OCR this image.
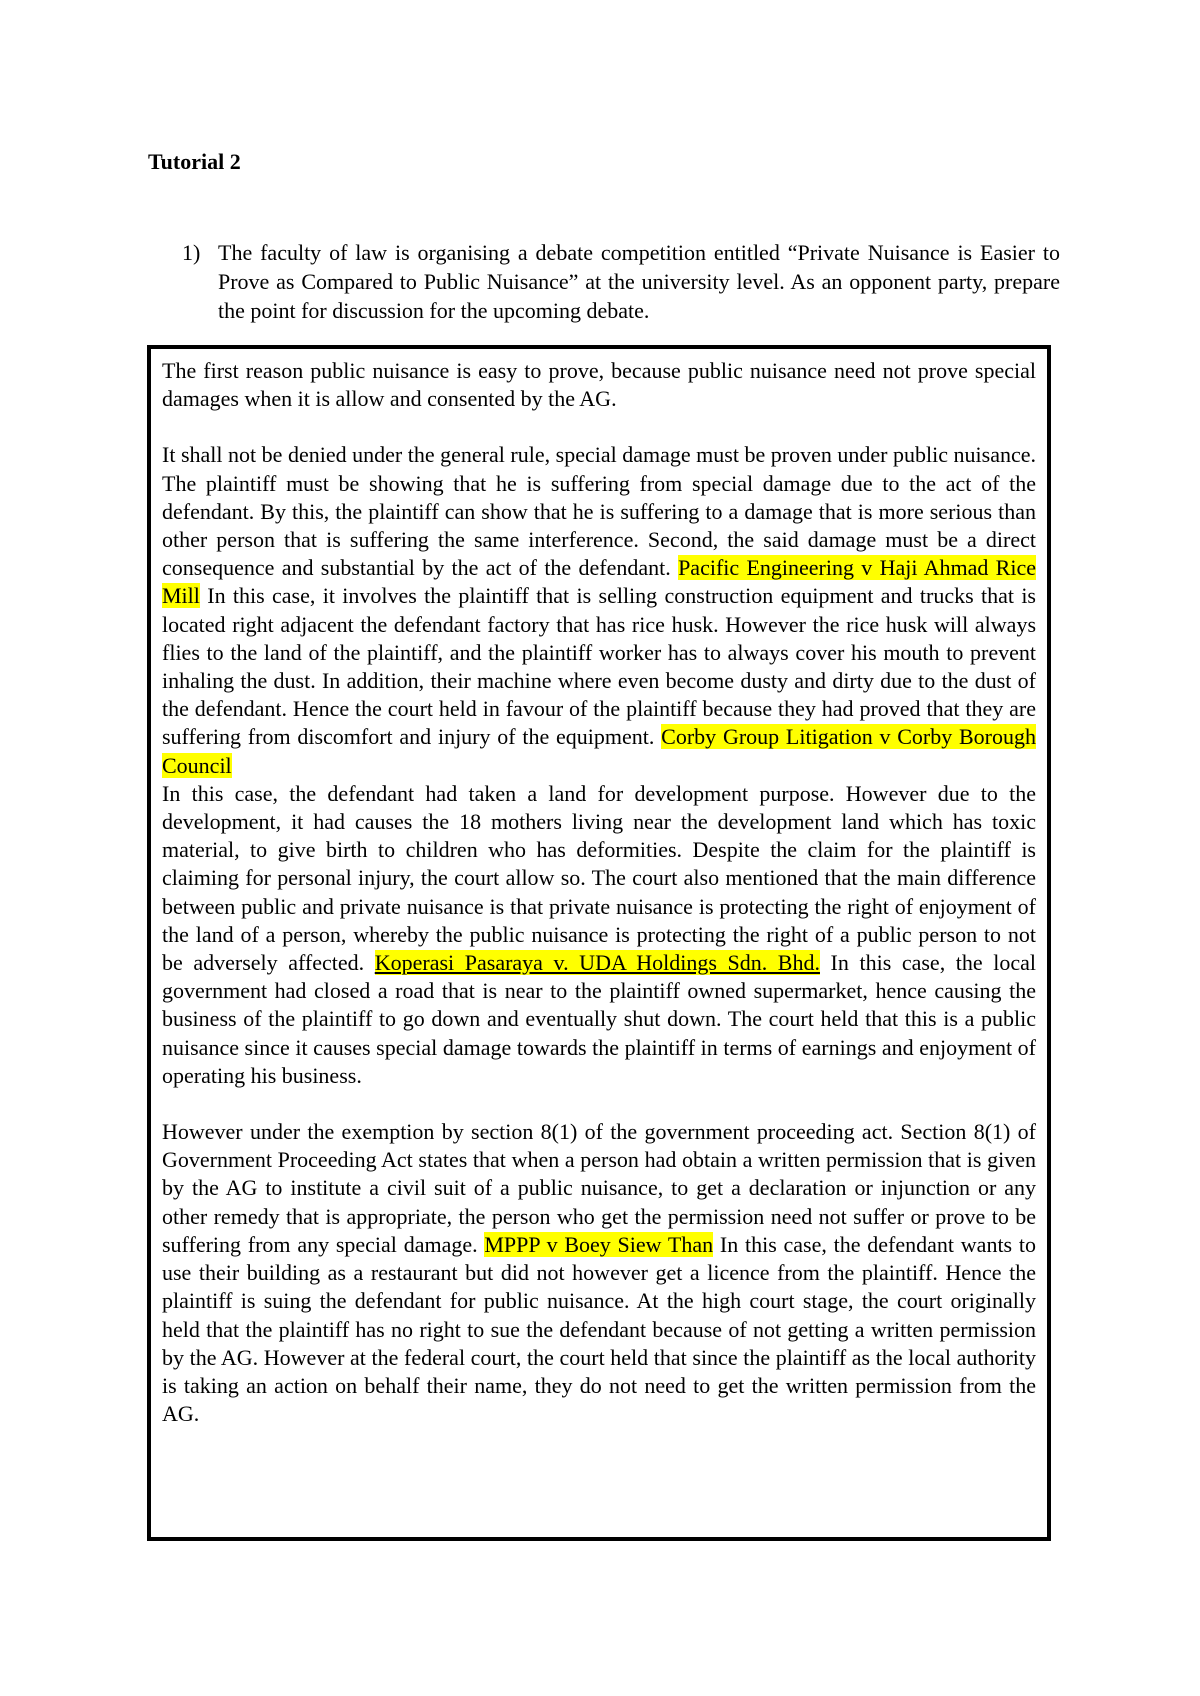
Tutorial 2
1) The faculty of law is organising a debate competition entitled “Private Nuisance is Easier to Prove as Compared to Public Nuisance” at the university level. As an opponent party, prepare the point for discussion for the upcoming debate.

The first reason public nuisance is easy to prove, because public nuisance need not prove special damages when it is allow and consented by the AG.

It shall not be denied under the general rule, special damage must be proven under public nuisance. The plaintiff must be showing that he is suffering from special damage due to the act of the defendant. By this, the plaintiff can show that he is suffering to a damage that is more serious than other person that is suffering the same interference. Second, the said damage must be a direct consequence and substantial by the act of the defendant. Pacific Engineering v Haji Ahmad Rice Mill In this case, it involves the plaintiff that is selling construction equipment and trucks that is located right adjacent the defendant factory that has rice husk. However the rice husk will always flies to the land of the plaintiff, and the plaintiff worker has to always cover his mouth to prevent inhaling the dust. In addition, their machine where even become dusty and dirty due to the dust of the defendant. Hence the court held in favour of the plaintiff because they had proved that they are suffering from discomfort and injury of the equipment. Corby Group Litigation v Corby Borough Council

In this case, the defendant had taken a land for development purpose. However due to the development, it had causes the 18 mothers living near the development land which has toxic material, to give birth to children who has deformities. Despite the claim for the plaintiff is claiming for personal injury, the court allow so. The court also mentioned that the main difference between public and private nuisance is that private nuisance is protecting the right of enjoyment of the land of a person, whereby the public nuisance is protecting the right of a public person to not be adversely affected. Koperasi Pasaraya v. UDA Holdings Sdn. Bhd. In this case, the local government had closed a road that is near to the plaintiff owned supermarket, hence causing the business of the plaintiff to go down and eventually shut down. The court held that this is a public nuisance since it causes special damage towards the plaintiff in terms of earnings and enjoyment of operating his business.

However under the exemption by section 8(1) of the government proceeding act. Section 8(1) of Government Proceeding Act states that when a person had obtain a written permission that is given by the AG to institute a civil suit of a public nuisance, to get a declaration or injunction or any other remedy that is appropriate, the person who get the permission need not suffer or prove to be suffering from any special damage. MPPP v Boey Siew Than In this case, the defendant wants to use their building as a restaurant but did not however get a licence from the plaintiff. Hence the plaintiff is suing the defendant for public nuisance. At the high court stage, the court originally held that the plaintiff has no right to sue the defendant because of not getting a written permission by the AG. However at the federal court, the court held that since the plaintiff as the local authority is taking an action on behalf their name, they do not need to get the written permission from the AG.
